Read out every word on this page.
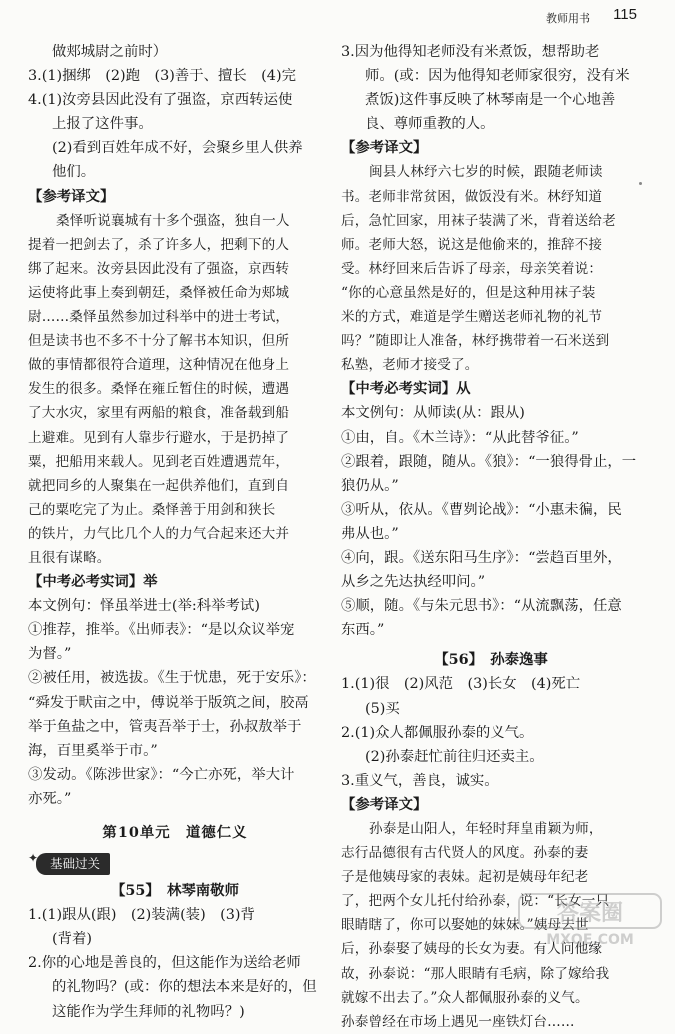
教师用书 115

做郏城尉之前时）

3.(1)捆绑　(2)跑　(3)善于、擅长　(4)完

4.(1)汝旁县因此没有了强盗，京西转运使

上报了这件事。

(2)看到百姓年成不好，会聚乡里人供养

他们。

【参考译文】

桑怿听说襄城有十多个强盗，独自一人

提着一把剑去了，杀了许多人，把剩下的人

绑了起来。汝旁县因此没有了强盗，京西转

运使将此事上奏到朝廷，桑怿被任命为郏城

尉……桑怿虽然参加过科举中的进士考试，

但是读书也不多不十分了解书本知识，但所

做的事情都很符合道理，这种情况在他身上

发生的很多。桑怿在雍丘暂住的时候，遭遇

了大水灾，家里有两船的粮食，准备载到船

上避难。见到有人靠步行避水，于是扔掉了

粟，把船用来载人。见到老百姓遭遇荒年，

就把同乡的人聚集在一起供养他们，直到自

己的粟吃完了为止。桑怿善于用剑和狭长

的铁片，力气比几个人的力气合起来还大并

且很有谋略。

【中考必考实词】举

本文例句：怿虽举进士(举:科举考试)

①推荐，推举。《出师表》：“是以众议举宠

为督。”

②被任用，被选拔。《生于忧患，死于安乐》：

“舜发于畎亩之中，傅说举于版筑之间，胶鬲

举于鱼盐之中，管夷吾举于士，孙叔敖举于

海，百里奚举于市。”

③发动。《陈涉世家》：“今亡亦死，举大计

亦死。”

第10单元　道德仁义

✦ 基础过关

【55】　林琴南敬师

1.(1)跟从(跟)　(2)装满(装)　(3)背

(背着)

2.你的心地是善良的，但这能作为送给老师

的礼物吗？(或：你的想法本来是好的，但

这能作为学生拜师的礼物吗？)

3.因为他得知老师没有米煮饭，想帮助老

师。(或：因为他得知老师家很穷，没有米

煮饭)这件事反映了林琴南是一个心地善

良、尊师重教的人。

【参考译文】

闽县人林纾六七岁的时候，跟随老师读

书。老师非常贫困，做饭没有米。林纾知道

后，急忙回家，用袜子装满了米，背着送给老

师。老师大怒，说这是他偷来的，推辞不接

受。林纾回来后告诉了母亲，母亲笑着说：

“你的心意虽然是好的，但是这种用袜子装

米的方式，难道是学生赠送老师礼物的礼节

吗？”随即让人准备，林纾携带着一石米送到

私塾，老师才接受了。

【中考必考实词】从

本文例句：从师读(从：跟从)

①由，自。《木兰诗》：“从此替爷征。”

②跟着，跟随，随从。《狼》：“一狼得骨止，一

狼仍从。”

③听从，依从。《曹刿论战》：“小惠未徧，民

弗从也。”

④向，跟。《送东阳马生序》：“尝趋百里外，

从乡之先达执经叩问。”

⑤顺，随。《与朱元思书》：“从流飘荡，任意

东西。”

【56】　孙泰逸事

1.(1)很　(2)风范　(3)长女　(4)死亡

(5)买

2.(1)众人都佩服孙泰的义气。

(2)孙泰赶忙前往归还卖主。

3.重义气，善良，诚实。

【参考译文】

孙泰是山阳人，年轻时拜皇甫颖为师，

志行品德很有古代贤人的风度。孙泰的妻

子是他姨母家的表妹。起初是姨母年纪老

了，把两个女儿托付给孙泰，说：“长女一只

眼睛瞎了，你可以娶她的妹妹。”姨母去世

后，孙泰娶了姨母的长女为妻。有人问他缘

故，孙泰说：“那人眼睛有毛病，除了嫁给我

就嫁不出去了。”众人都佩服孙泰的义气。

孙泰曾经在市场上遇见一座铁灯台……

答案圈
MXQE.COM
